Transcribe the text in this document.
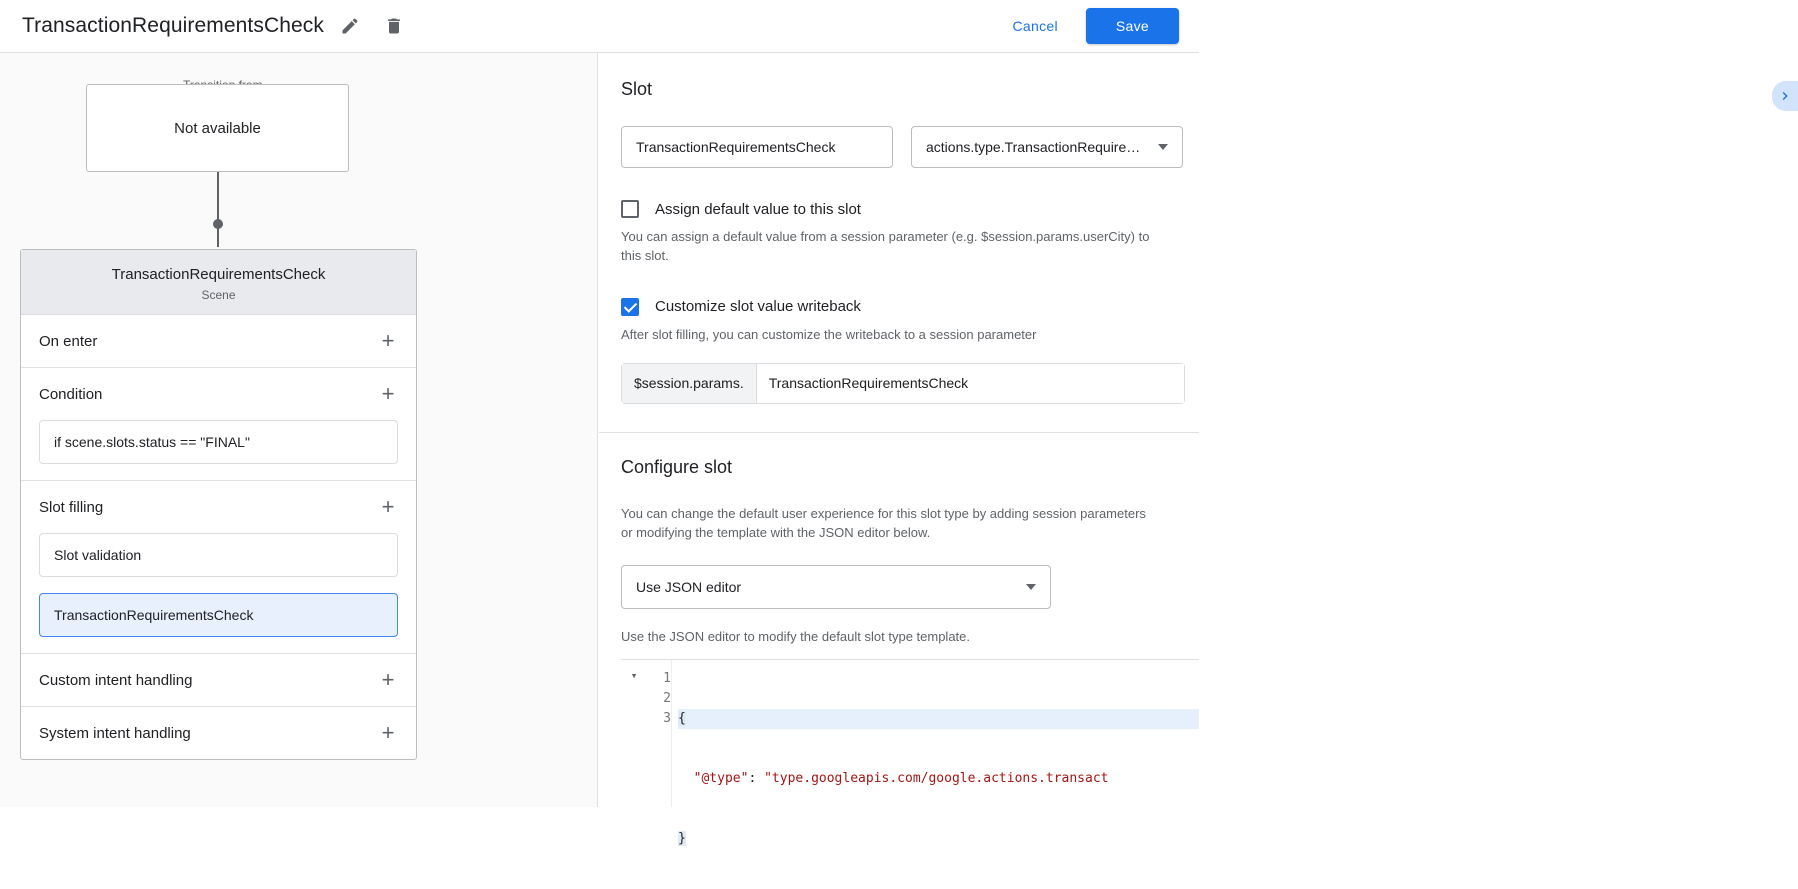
TransactionRequirementsCheck	Cancel	Save
Not available
TransactionRequirementsCheck
Scene
On enter	+
Condition	+
if scene.slots.status == "FINAL"
Slot filling	+
Slot validation
TransactionRequirementsCheck
Custom intent handling	+
System intent handling	+
Slot
TransactionRequirementsCheck	actions.type.TransactionRequire…
Assign default value to this slot
You can assign a default value from a session parameter (e.g. $session.params.userCity) to this slot.
Customize slot value writeback
After slot filling, you can customize the writeback to a session parameter
$session.params.	TransactionRequirementsCheck
Configure slot
You can change the default user experience for this slot type by adding session parameters or modifying the template with the JSON editor below.
Use JSON editor
Use the JSON editor to modify the default slot type template.
▾	1
2
3

{

"@type": "type.googleapis.com/google.actions.transact

}
